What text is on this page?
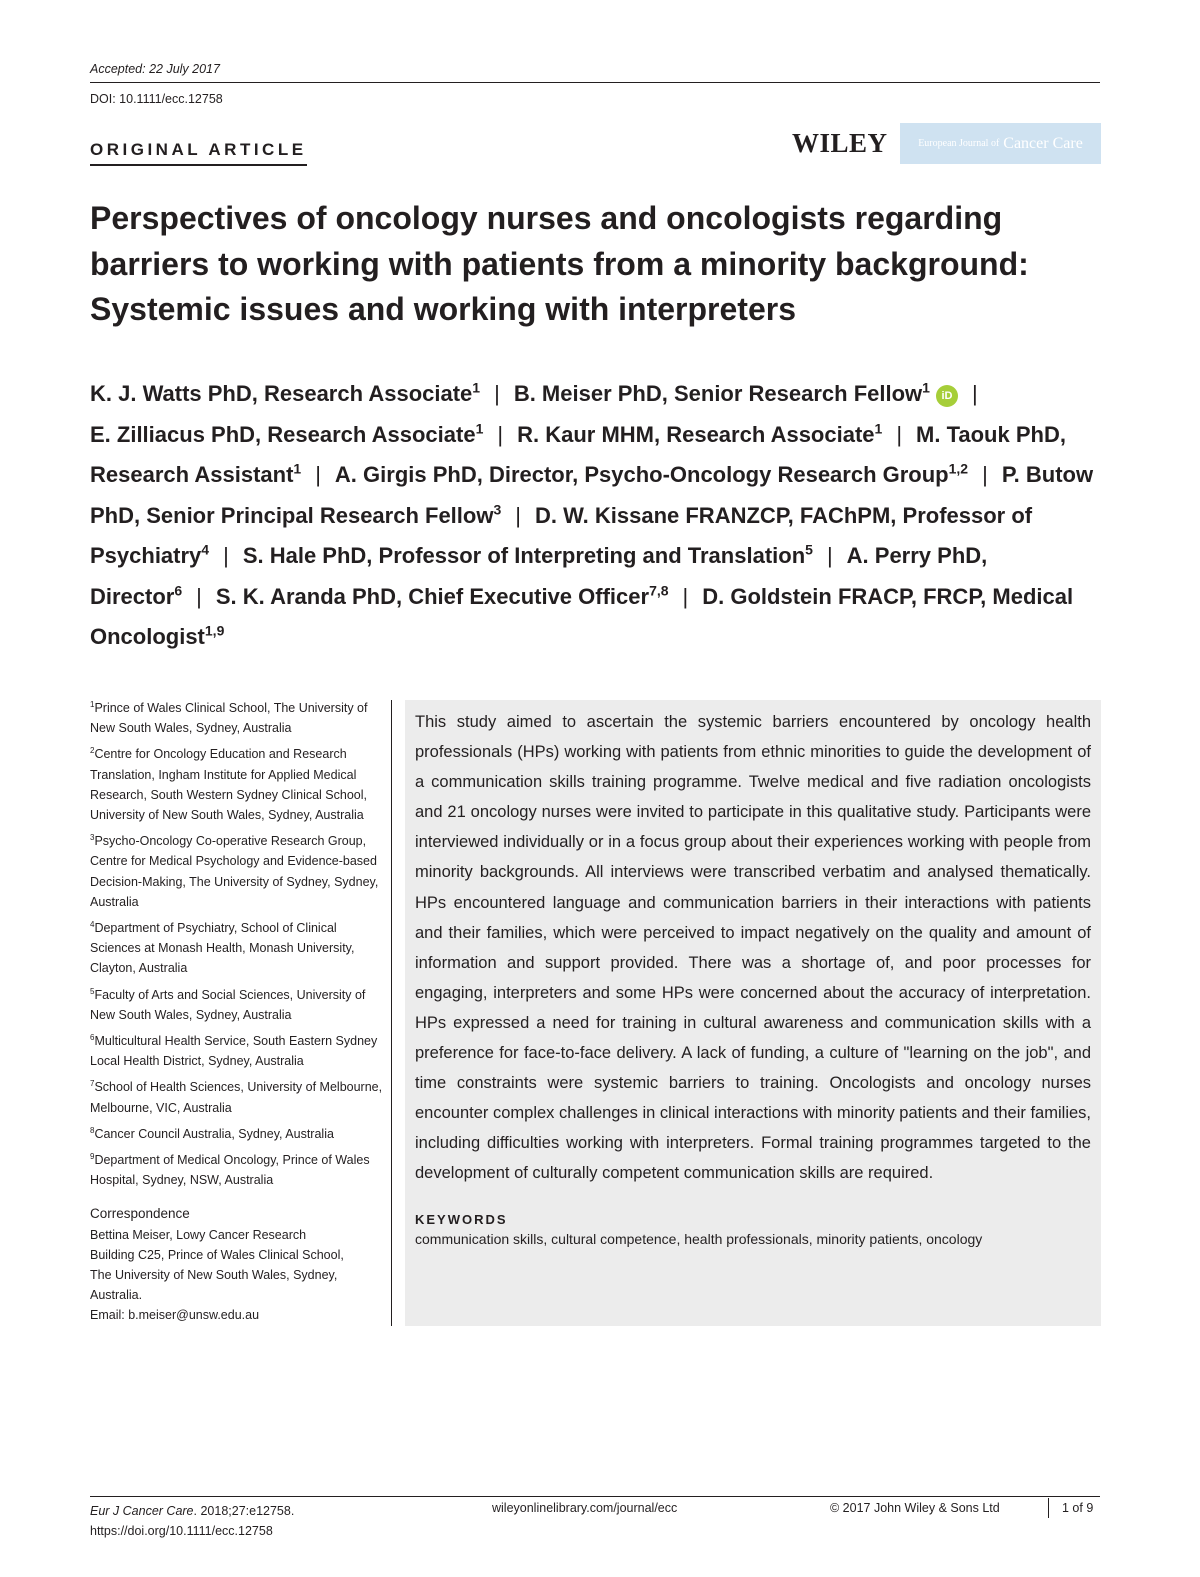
Accepted: 22 July 2017
DOI: 10.1111/ecc.12758
ORIGINAL ARTICLE	WILEY	European Journal of Cancer Care
Perspectives of oncology nurses and oncologists regarding barriers to working with patients from a minority background: Systemic issues and working with interpreters
K. J. Watts PhD, Research Associate$^1$ | B. Meiser PhD, Senior Research Fellow$^1$iD |
E. Zilliacus PhD, Research Associate$^1$ | R. Kaur MHM, Research Associate$^1$ | M. Taouk PhD, Research Assistant$^1$ | A. Girgis PhD, Director, Psycho-Oncology Research Group$^{1,2}$ | P. Butow PhD, Senior Principal Research Fellow$^3$ | D. W. Kissane FRANZCP, FAChPM, Professor of Psychiatry$^4$ | S. Hale PhD, Professor of Interpreting and Translation$^5$ | A. Perry PhD, Director$^6$ | S. K. Aranda PhD, Chief Executive Officer$^{7,8}$ | D. Goldstein FRACP, FRCP, Medical Oncologist$^{1,9}$
$^1$Prince of Wales Clinical School, The University of New South Wales, Sydney, Australia
$^2$Centre for Oncology Education and Research Translation, Ingham Institute for Applied Medical Research, South Western Sydney Clinical School, University of New South Wales, Sydney, Australia
$^3$Psycho-Oncology Co-operative Research Group, Centre for Medical Psychology and Evidence-based Decision-Making, The University of Sydney, Sydney, Australia
$^4$Department of Psychiatry, School of Clinical Sciences at Monash Health, Monash University, Clayton, Australia
$^5$Faculty of Arts and Social Sciences, University of New South Wales, Sydney, Australia
$^6$Multicultural Health Service, South Eastern Sydney Local Health District, Sydney, Australia
$^7$School of Health Sciences, University of Melbourne, Melbourne, VIC, Australia
$^8$Cancer Council Australia, Sydney, Australia
$^9$Department of Medical Oncology, Prince of Wales Hospital, Sydney, NSW, Australia
Correspondence
Bettina Meiser, Lowy Cancer Research
Building C25, Prince of Wales Clinical School,
The University of New South Wales, Sydney,
Australia.
Email: b.meiser@unsw.edu.au

This study aimed to ascertain the systemic barriers encountered by oncology health professionals (HPs) working with patients from ethnic minorities to guide the development of a communication skills training programme. Twelve medical and five radiation oncologists and 21 oncology nurses were invited to participate in this qualitative study. Participants were interviewed individually or in a focus group about their experiences working with people from minority backgrounds. All interviews were transcribed verbatim and analysed thematically. HPs encountered language and communication barriers in their interactions with patients and their families, which were perceived to impact negatively on the quality and amount of information and support provided. There was a shortage of, and poor processes for engaging, interpreters and some HPs were concerned about the accuracy of interpretation. HPs expressed a need for training in cultural awareness and communication skills with a preference for face-to-face delivery. A lack of funding, a culture of "learning on the job", and time constraints were systemic barriers to training. Oncologists and oncology nurses encounter complex challenges in clinical interactions with minority patients and their families, including difficulties working with interpreters. Formal training programmes targeted to the development of culturally competent communication skills are required.

KEYWORDS
communication skills, cultural competence, health professionals, minority patients, oncology
Eur J Cancer Care. 2018;27:e12758.
https://doi.org/10.1111/ecc.12758
wileyonlinelibrary.com/journal/ecc	© 2017 John Wiley & Sons Ltd	1 of 9
